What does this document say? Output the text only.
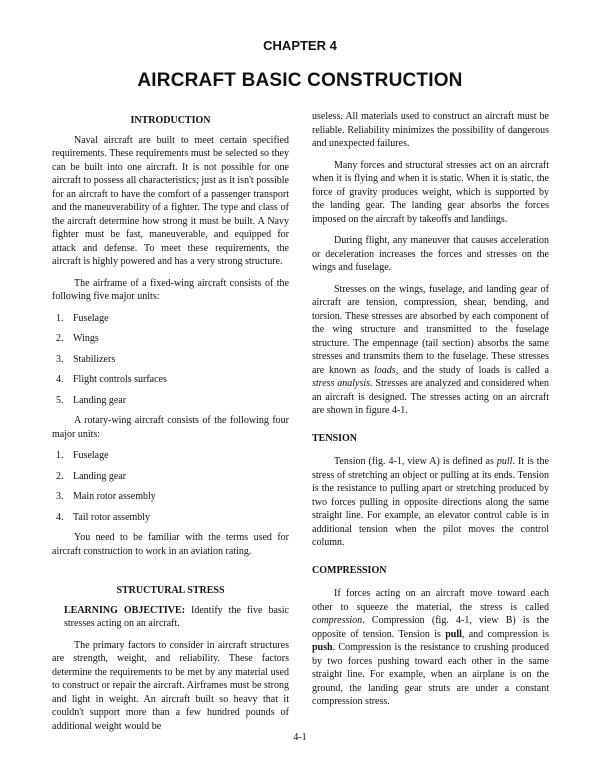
CHAPTER 4
AIRCRAFT BASIC CONSTRUCTION
INTRODUCTION

Naval aircraft are built to meet certain specified requirements. These requirements must be selected so they can be built into one aircraft. It is not possible for one aircraft to possess all characteristics; just as it isn't possible for an aircraft to have the comfort of a passenger transport and the maneuverability of a fighter. The type and class of the aircraft determine how strong it must be built. A Navy fighter must be fast, maneuverable, and equipped for attack and defense. To meet these requirements, the aircraft is highly powered and has a very strong structure.

The airframe of a fixed-wing aircraft consists of the following five major units:

1. Fuselage
2. Wings
3. Stabilizers
4. Flight controls surfaces
5. Landing gear

A rotary-wing aircraft consists of the following four major units:

1. Fuselage
2. Landing gear
3. Main rotor assembly
4. Tail rotor assembly

You need to be familiar with the terms used for aircraft construction to work in an aviation rating.

STRUCTURAL STRESS

LEARNING OBJECTIVE: Identify the five basic stresses acting on an aircraft.

The primary factors to consider in aircraft structures are strength, weight, and reliability. These factors determine the requirements to be met by any material used to construct or repair the aircraft. Airframes must be strong and light in weight. An aircraft built so heavy that it couldn't support more than a few hundred pounds of additional weight would be

useless. All materials used to construct an aircraft must be reliable. Reliability minimizes the possibility of dangerous and unexpected failures.

Many forces and structural stresses act on an aircraft when it is flying and when it is static. When it is static, the force of gravity produces weight, which is supported by the landing gear. The landing gear absorbs the forces imposed on the aircraft by takeoffs and landings.

During flight, any maneuver that causes acceleration or deceleration increases the forces and stresses on the wings and fuselage.

Stresses on the wings, fuselage, and landing gear of aircraft are tension, compression, shear, bending, and torsion. These stresses are absorbed by each component of the wing structure and transmitted to the fuselage structure. The empennage (tail section) absorbs the same stresses and transmits them to the fuselage. These stresses are known as loads, and the study of loads is called a stress analysis. Stresses are analyzed and considered when an aircraft is designed. The stresses acting on an aircraft are shown in figure 4-1.

TENSION

Tension (fig. 4-1, view A) is defined as pull. It is the stress of stretching an object or pulling at its ends. Tension is the resistance to pulling apart or stretching produced by two forces pulling in opposite directions along the same straight line. For example, an elevator control cable is in additional tension when the pilot moves the control column.

COMPRESSION

If forces acting on an aircraft move toward each other to squeeze the material, the stress is called compression. Compression (fig. 4-1, view B) is the opposite of tension. Tension is pull, and compression is push. Compression is the resistance to crushing produced by two forces pushing toward each other in the same straight line. For example, when an airplane is on the ground, the landing gear struts are under a constant compression stress.

4-1
